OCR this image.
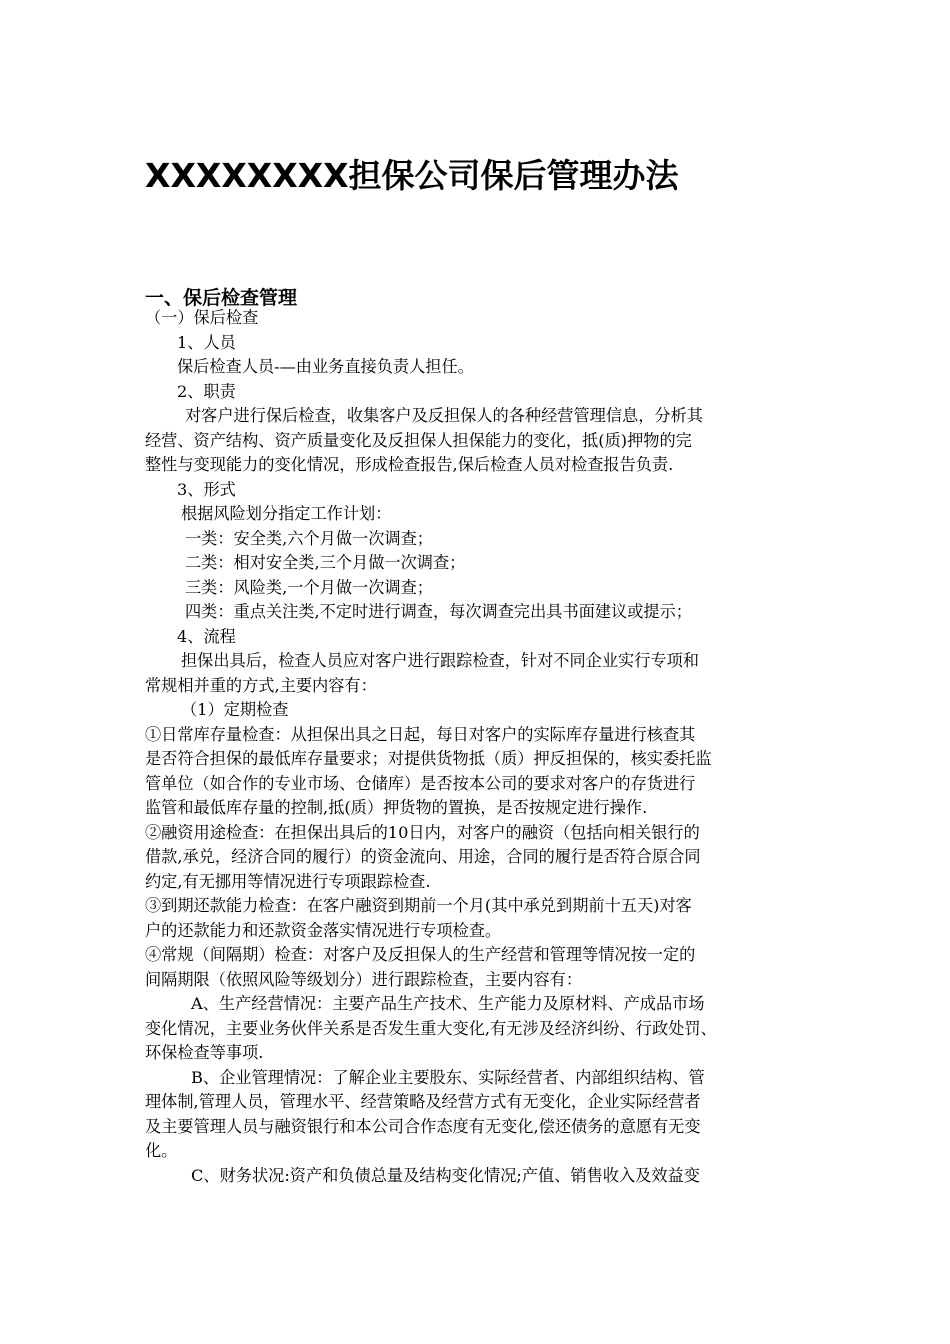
XXXXXXXX担保公司保后管理办法
一、保后检查管理
（一）保后检查
1、人员
保后检查人员-—由业务直接负责人担任。
2、职责
对客户进行保后检查，收集客户及反担保人的各种经营管理信息，分析其
经营、资产结构、资产质量变化及反担保人担保能力的变化，抵(质)押物的完
整性与变现能力的变化情况，形成检查报告,保后检查人员对检查报告负责.
3、形式
根据风险划分指定工作计划：
一类：安全类,六个月做一次调查；
二类：相对安全类,三个月做一次调查；
三类：风险类,一个月做一次调查；
四类：重点关注类,不定时进行调查，每次调查完出具书面建议或提示；
4、流程
担保出具后，检查人员应对客户进行跟踪检查，针对不同企业实行专项和
常规相并重的方式,主要内容有：
（1）定期检查
①日常库存量检查：从担保出具之日起，每日对客户的实际库存量进行核查其
是否符合担保的最低库存量要求；对提供货物抵（质）押反担保的，核实委托监
管单位（如合作的专业市场、仓储库）是否按本公司的要求对客户的存货进行
监管和最低库存量的控制,抵(质）押货物的置换，是否按规定进行操作.
②融资用途检查：在担保出具后的10日内，对客户的融资（包括向相关银行的
借款,承兑，经济合同的履行）的资金流向、用途，合同的履行是否符合原合同
约定,有无挪用等情况进行专项跟踪检查.
③到期还款能力检查：在客户融资到期前一个月(其中承兑到期前十五天)对客
户的还款能力和还款资金落实情况进行专项检查。
④常规（间隔期）检查：对客户及反担保人的生产经营和管理等情况按一定的
间隔期限（依照风险等级划分）进行跟踪检查，主要内容有：
A、生产经营情况：主要产品生产技术、生产能力及原材料、产成品市场
变化情况，主要业务伙伴关系是否发生重大变化,有无涉及经济纠纷、行政处罚、
环保检查等事项.
B、企业管理情况：了解企业主要股东、实际经营者、内部组织结构、管
理体制,管理人员，管理水平、经营策略及经营方式有无变化，企业实际经营者
及主要管理人员与融资银行和本公司合作态度有无变化,偿还债务的意愿有无变
化。
C、财务状况:资产和负债总量及结构变化情况;产值、销售收入及效益变
